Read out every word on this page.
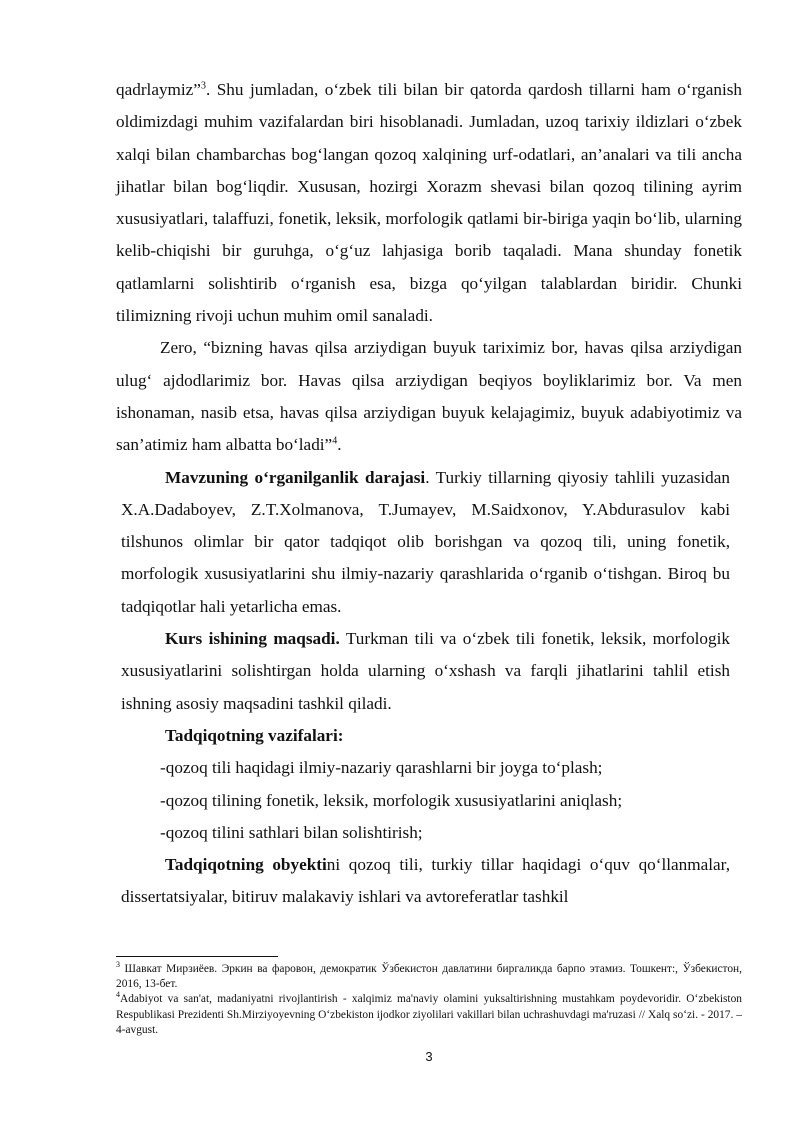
qadrlaymiz”$^3$. Shu jumladan, o‘zbek tili bilan bir qatorda qardosh tillarni ham o‘rganish oldimizdagi muhim vazifalardan biri hisoblanadi. Jumladan, uzoq tarixiy ildizlari o‘zbek xalqi bilan chambarchas bog‘langan qozoq xalqining urf-odatlari, an’analari va tili ancha jihatlar bilan bog‘liqdir. Xususan, hozirgi Xorazm shevasi bilan qozoq tilining ayrim xususiyatlari, talaffuzi, fonetik, leksik, morfologik qatlami bir-biriga yaqin bo‘lib, ularning kelib-chiqishi bir guruhga, o‘g‘uz lahjasiga borib taqaladi. Mana shunday fonetik qatlamlarni solishtirib o‘rganish esa, bizga qo‘yilgan talablardan biridir. Chunki tilimizning rivoji uchun muhim omil sanaladi.

Zero, “bizning havas qilsa arziydigan buyuk tariximiz bor, havas qilsa arziydigan ulug‘ ajdodlarimiz bor. Havas qilsa arziydigan beqiyos boyliklarimiz bor. Va men ishonaman, nasib etsa, havas qilsa arziydigan buyuk kelajagimiz, buyuk adabiyotimiz va san’atimiz ham albatta bo‘ladi”$^4$.

Mavzuning o‘rganilganlik darajasi. Turkiy tillarning qiyosiy tahlili yuzasidan X.A.Dadaboyev, Z.T.Xolmanova, T.Jumayev, M.Saidxonov, Y.Abdurasulov kabi tilshunos olimlar bir qator tadqiqot olib borishgan va qozoq tili, uning fonetik, morfologik xususiyatlarini shu ilmiy-nazariy qarashlarida o‘rganib o‘tishgan. Biroq bu tadqiqotlar hali yetarlicha emas.

Kurs ishining maqsadi. Turkman tili va o‘zbek tili fonetik, leksik, morfologik xususiyatlarini solishtirgan holda ularning o‘xshash va farqli jihatlarini tahlil etish ishning asosiy maqsadini tashkil qiladi.

Tadqiqotning vazifalari:

-qozoq tili haqidagi ilmiy-nazariy qarashlarni bir joyga to‘plash;

-qozoq tilining fonetik, leksik, morfologik xususiyatlarini aniqlash;

-qozoq tilini sathlari bilan solishtirish;

Tadqiqotning obyektini qozoq tili, turkiy tillar haqidagi o‘quv qo‘llanmalar, dissertatsiyalar, bitiruv malakaviy ishlari va avtoreferatlar tashkil

$^3$ Шавкат Мирзиёев. Эркин ва фаровон, демократик Ўзбекистон давлатини биргаликда барпо этамиз. Тошкент:, Ўзбекистон, 2016, 13-бет.

$^4$Adabiyot va san'at, madaniyatni rivojlantirish - xalqimiz ma'naviy olamini yuksaltirishning mustahkam poydevoridir. O‘zbekiston Respublikasi Prezidenti Sh.Mirziyoyevning O‘zbekiston ijodkor ziyolilari vakillari bilan uchrashuvdagi ma'ruzasi // Xalq so‘zi. - 2017. – 4-avgust.

3
